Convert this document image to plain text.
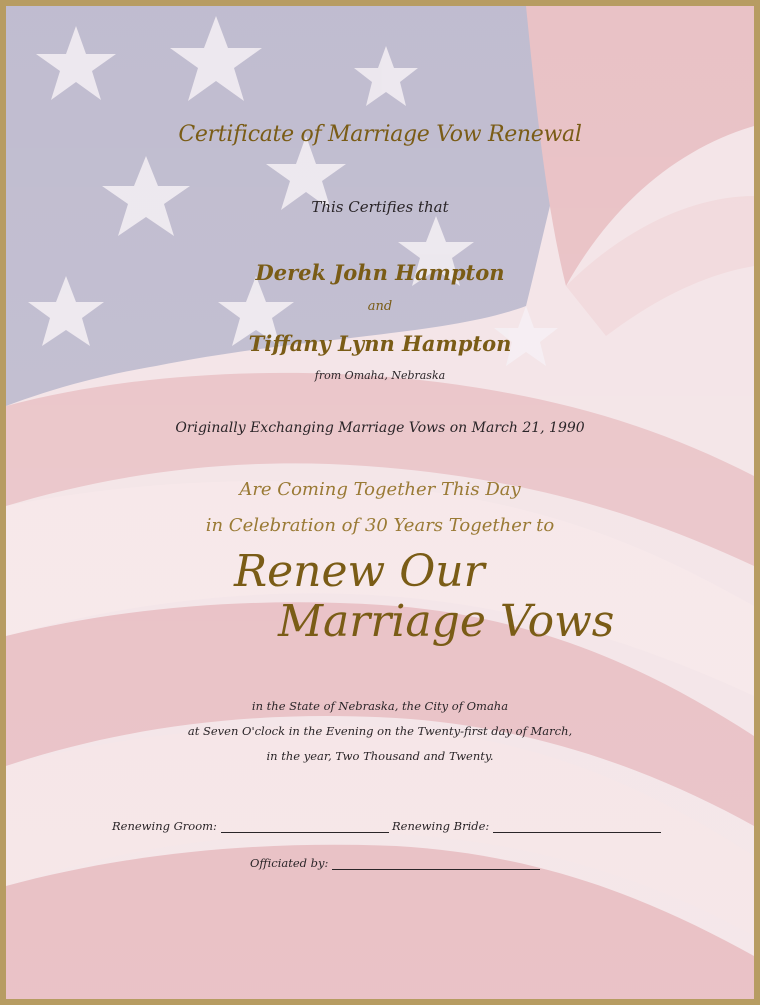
Certificate of Marriage Vow Renewal
This Certifies that
Derek John Hampton
and
Tiffany Lynn Hampton
from Omaha, Nebraska
Originally Exchanging Marriage Vows on March 21, 1990
Are Coming Together This Day
in Celebration of 30 Years Together to
Renew Our
Marriage Vows
in the State of Nebraska, the City of Omaha
at Seven O'clock in the Evening on the Twenty-first day of March,
in the year, Two Thousand and Twenty.
Renewing Groom:	Renewing Bride:
Officiated by:
